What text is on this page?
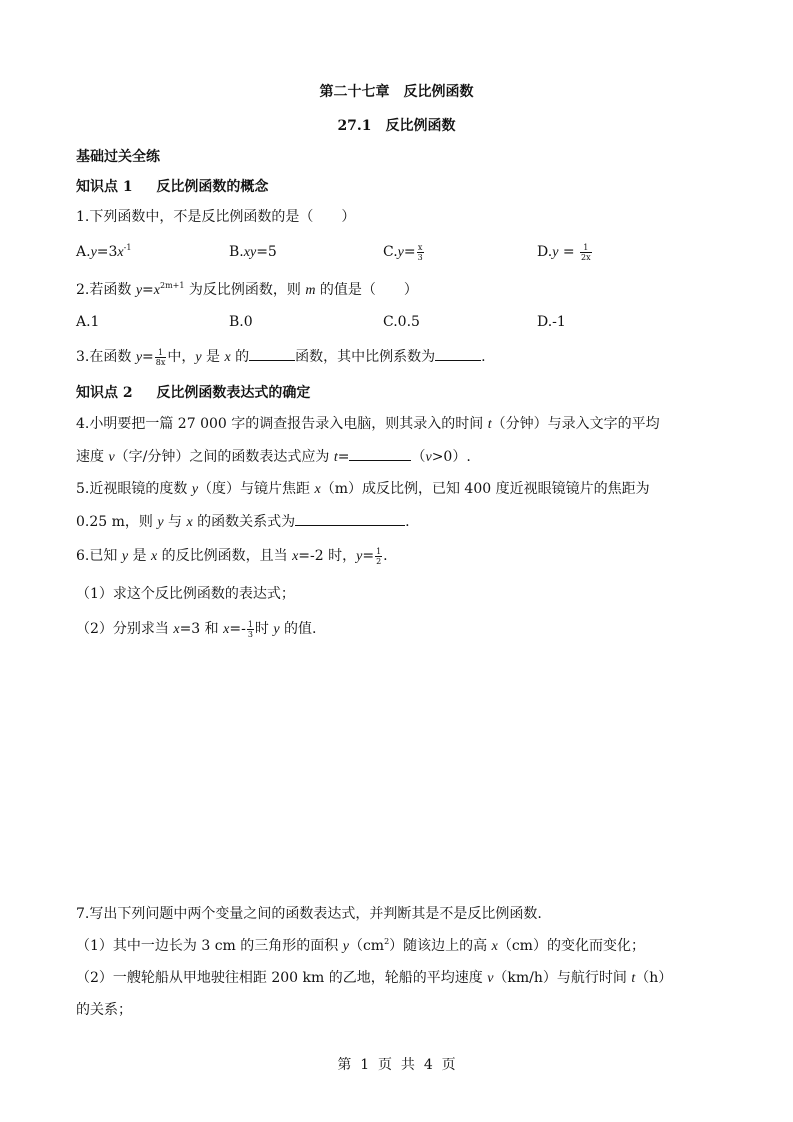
第二十七章　反比例函数
27.1　反比例函数
基础过关全练
知识点 1 反比例函数的概念
1.下列函数中，不是反比例函数的是（　　）
$A.y=3x^{-1}$	B.xy=5	$C.y= \frac{x}{3}$	$D.y = \frac{1}{2x}$
2.若函数 $y=x^{2m+1}$ 为反比例函数，则 m 的值是（　　）
A.1	B.0	C.0.5	D.-1
3.在函数 $y= \frac{1}{8x}$ 中，y 是 x 的	函数，其中比例系数为	.
知识点 2 反比例函数表达式的确定
4.小明要把一篇 27 000 字的调查报告录入电脑，则其录入的时间 t（分钟）与录入文字的平均
速度 v（字/分钟）之间的函数表达式应为 t=	（v>0）.
5.近视眼镜的度数 y（度）与镜片焦距 x（m）成反比例，已知 400 度近视眼镜镜片的焦距为
0.25 m，则 y 与 x 的函数关系式为	.
6.已知 y 是 x 的反比例函数，且当 x=-2 时，$y= \frac{1}{2}$ .
（1）求这个反比例函数的表达式；
（2）分别求当 x=3 和 $x=- \frac{1}{3}$ 时 y 的值.
7.写出下列问题中两个变量之间的函数表达式，并判断其是不是反比例函数.
（1）其中一边长为 3 cm 的三角形的面积 $y(cm^2)$随该边上的高 x（cm）的变化而变化；
（2）一艘轮船从甲地驶往相距 200 km 的乙地，轮船的平均速度 v（km/h）与航行时间 t（h）
的关系；
第  1  页  共  4  页
